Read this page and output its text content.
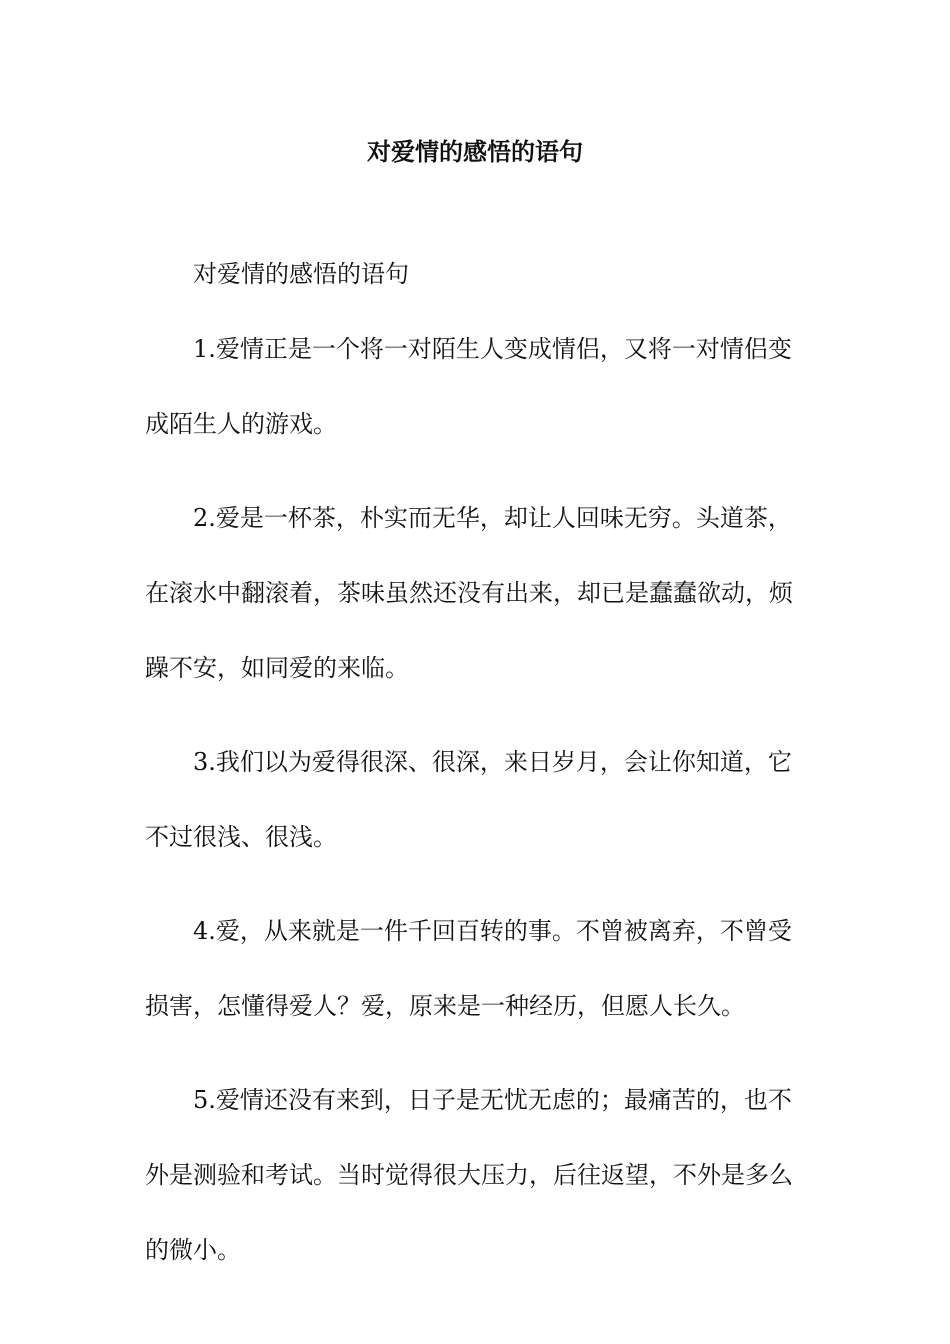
对爱情的感悟的语句

对爱情的感悟的语句

1.爱情正是一个将一对陌生人变成情侣，又将一对情侣变成陌生人的游戏。

2.爱是一杯茶，朴实而无华，却让人回味无穷。头道茶，在滚水中翻滚着，茶味虽然还没有出来，却已是蠢蠢欲动，烦躁不安，如同爱的来临。

3.我们以为爱得很深、很深，来日岁月，会让你知道，它不过很浅、很浅。

4.爱，从来就是一件千回百转的事。不曾被离弃，不曾受损害，怎懂得爱人？爱，原来是一种经历，但愿人长久。

5.爱情还没有来到，日子是无忧无虑的；最痛苦的，也不外是测验和考试。当时觉得很大压力，后往返望，不外是多么的微小。
